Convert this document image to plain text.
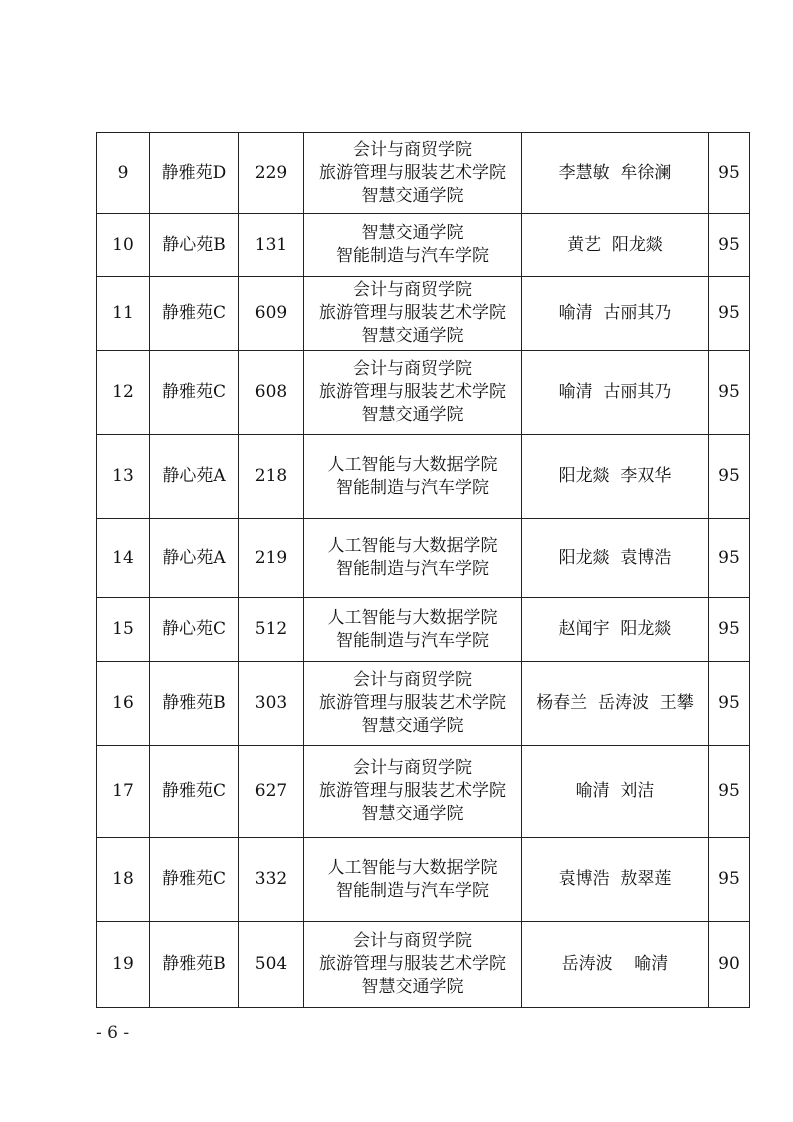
9	静雅苑D	229	会计与商贸学院
旅游管理与服装艺术学院
智慧交通学院	李慧敏  牟徐澜	95
10	静心苑B	131	智慧交通学院
智能制造与汽车学院	黄艺  阳龙燚	95
11	静雅苑C	609	会计与商贸学院
旅游管理与服装艺术学院
智慧交通学院	喻清  古丽其乃	95
12	静雅苑C	608	会计与商贸学院
旅游管理与服装艺术学院
智慧交通学院	喻清  古丽其乃	95
13	静心苑A	218	人工智能与大数据学院
智能制造与汽车学院	阳龙燚  李双华	95
14	静心苑A	219	人工智能与大数据学院
智能制造与汽车学院	阳龙燚  袁博浩	95
15	静心苑C	512	人工智能与大数据学院
智能制造与汽车学院	赵闻宇  阳龙燚	95
16	静雅苑B	303	会计与商贸学院
旅游管理与服装艺术学院
智慧交通学院	杨春兰  岳涛波  王攀	95
17	静雅苑C	627	会计与商贸学院
旅游管理与服装艺术学院
智慧交通学院	喻清  刘洁	95
18	静雅苑C	332	人工智能与大数据学院
智能制造与汽车学院	袁博浩  敖翠莲	95
19	静雅苑B	504	会计与商贸学院
旅游管理与服装艺术学院
智慧交通学院	岳涛波    喻清	90
- 6 -
